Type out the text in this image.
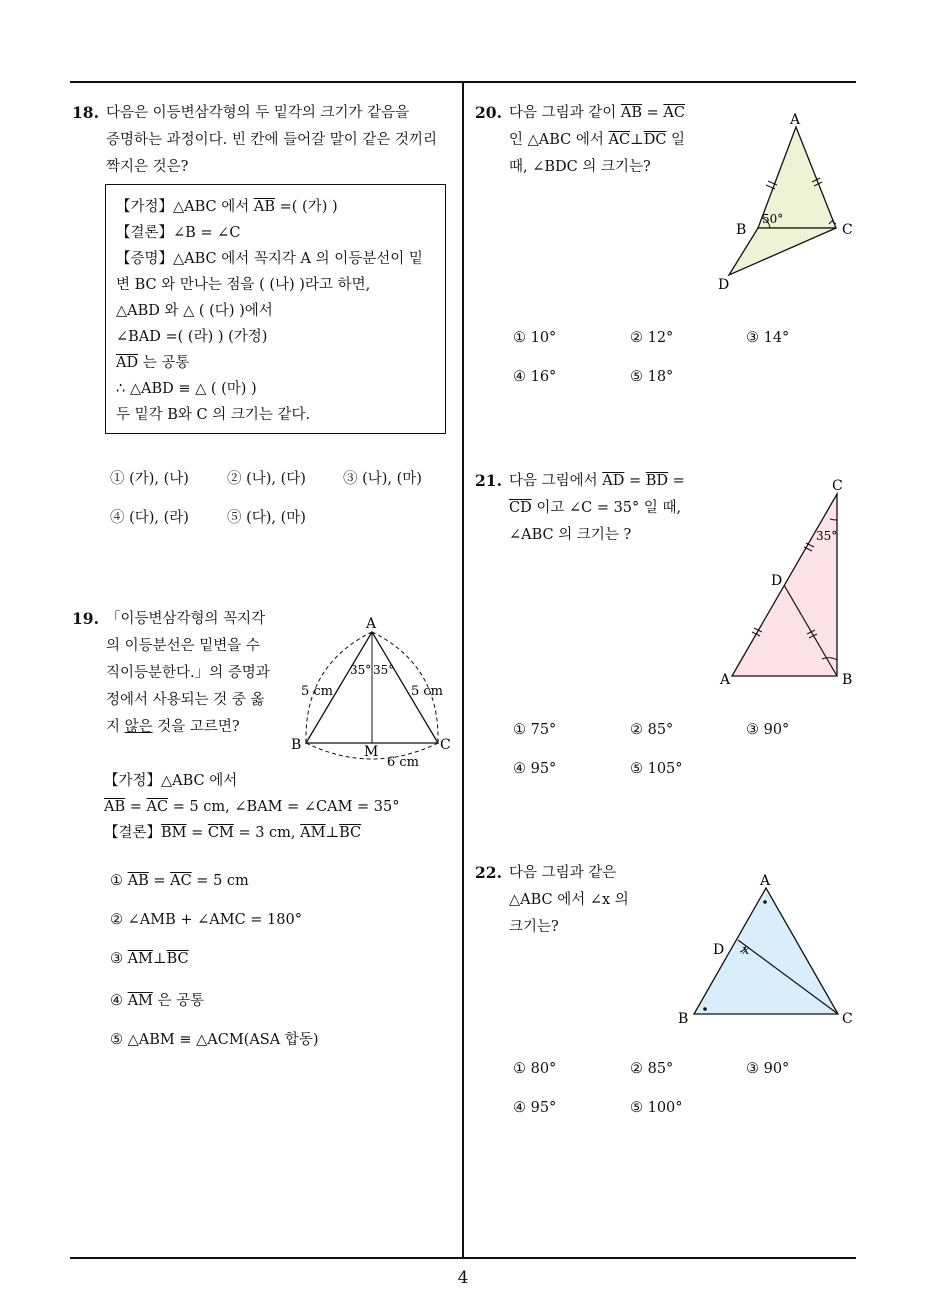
18. 다음은 이등변삼각형의 두 밑각의 크기가 같음을
증명하는 과정이다. 빈 칸에 들어갈 말이 같은 것끼리
짝지은 것은?
【가정】△ABC 에서 $\overline{AB}$ =( (가) )
【결론】∠B = ∠C
【증명】△ABC 에서 꼭지각 A 의 이등분선이 밑
변 BC 와 만나는 점을 ( (나) )라고 하면,
△ABD 와 △ ( (다) )에서
∠BAD =( (라) ) (가정)
$\overline{AD}$ 는 공통
∴ △ABD ≡ △ ( (마) )
두 밑각 B와 C 의 크기는 같다.
① (가), (나)	② (나), (다)	③ (나), (마)
④ (다), (라)	⑤ (다), (마)
19. 「이등변삼각형의 꼭지각
의 이등분선은 밑변을 수
직이등분한다.」의 증명과
정에서 사용되는 것 중 옳
지 않은 것을 고르면?
A
B	C
M
35° 35°
5 cm	5 cm
6 cm
【가정】△ABC 에서
$\overline{AB} = \overline{AC} = 5$ cm, ∠BAM = ∠CAM = 35°
【결론】$\overline{BM} = \overline{CM} = 3$ cm, $\overline{AM}\perp\overline{BC}$
① $\overline{AB} = \overline{AC} = 5$ cm
② ∠AMB + ∠AMC = 180°
③ $\overline{AM}\perp\overline{BC}$
④ $\overline{AM}$ 은 공통
⑤ △ABM ≡ △ACM(ASA 합동)
20. 다음 그림과 같이 $\overline{AB} = \overline{AC}$
인 △ABC 에서 $\overline{AC}\perp\overline{DC}$ 일
때, ∠BDC 의 크기는?
A
B	C
D
50°
① 10°	② 12°	③ 14°
④ 16°	⑤ 18°
21. 다음 그림에서 $\overline{AD} = \overline{BD}$ =
$\overline{CD}$ 이고 ∠C = 35° 일 때,
∠ABC 의 크기는 ?
C
D
A	B
35°
① 75°	② 85°	③ 90°
④ 95°	⑤ 105°
22. 다음 그림과 같은
△ABC 에서 ∠x 의
크기는?
A
D
B	C
x
① 80°	② 85°	③ 90°
④ 95°	⑤ 100°
4
